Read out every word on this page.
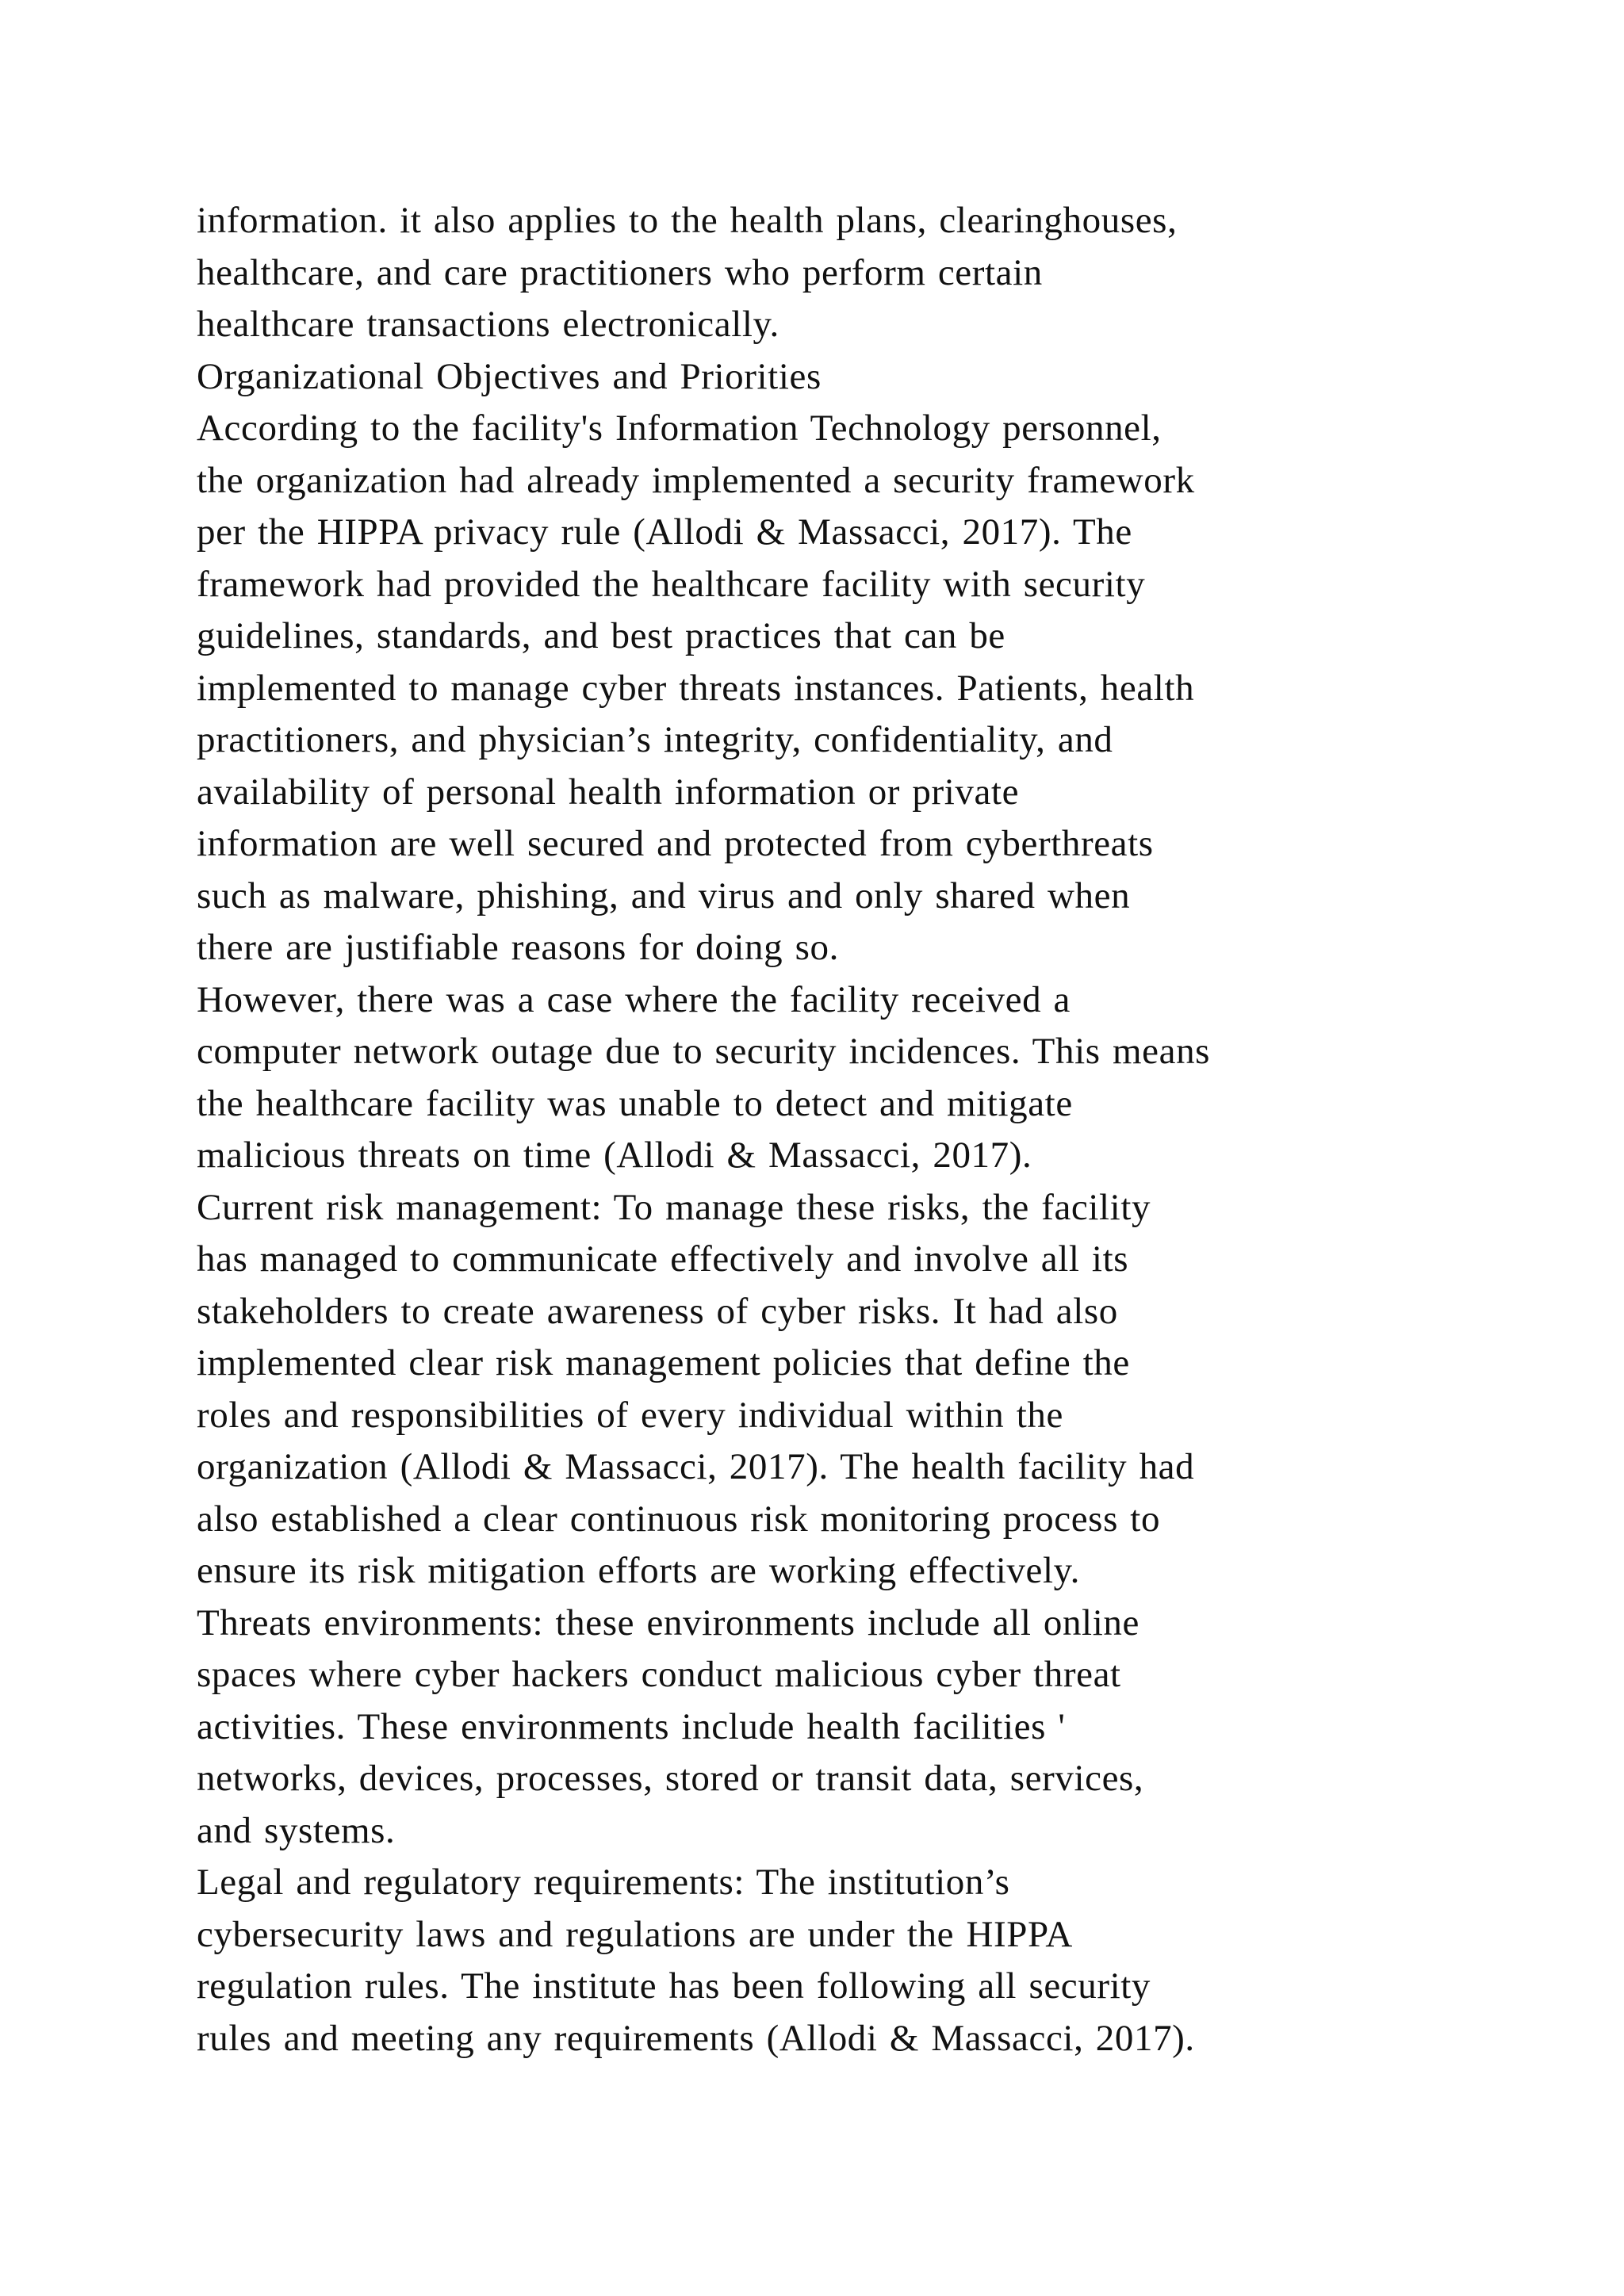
information. it also applies to the health plans, clearinghouses,
healthcare, and care practitioners who perform certain
healthcare transactions electronically.
Organizational Objectives and Priorities
According to the facility's Information Technology personnel,
the organization had already implemented a security framework
per the HIPPA privacy rule (Allodi & Massacci, 2017). The
framework had provided the healthcare facility with security
guidelines, standards, and best practices that can be
implemented to manage cyber threats instances. Patients, health
practitioners, and physician’s integrity, confidentiality, and
availability of personal health information or private
information are well secured and protected from cyberthreats
such as malware, phishing, and virus and only shared when
there are justifiable reasons for doing so.
However, there was a case where the facility received a
computer network outage due to security incidences. This means
the healthcare facility was unable to detect and mitigate
malicious threats on time (Allodi & Massacci, 2017).
Current risk management: To manage these risks, the facility
has managed to communicate effectively and involve all its
stakeholders to create awareness of cyber risks. It had also
implemented clear risk management policies that define the
roles and responsibilities of every individual within the
organization (Allodi & Massacci, 2017). The health facility had
also established a clear continuous risk monitoring process to
ensure its risk mitigation efforts are working effectively.
Threats environments: these environments include all online
spaces where cyber hackers conduct malicious cyber threat
activities. These environments include health facilities '
networks, devices, processes, stored or transit data, services,
and systems.
Legal and regulatory requirements: The institution’s
cybersecurity laws and regulations are under the HIPPA
regulation rules. The institute has been following all security
rules and meeting any requirements (Allodi & Massacci, 2017).
